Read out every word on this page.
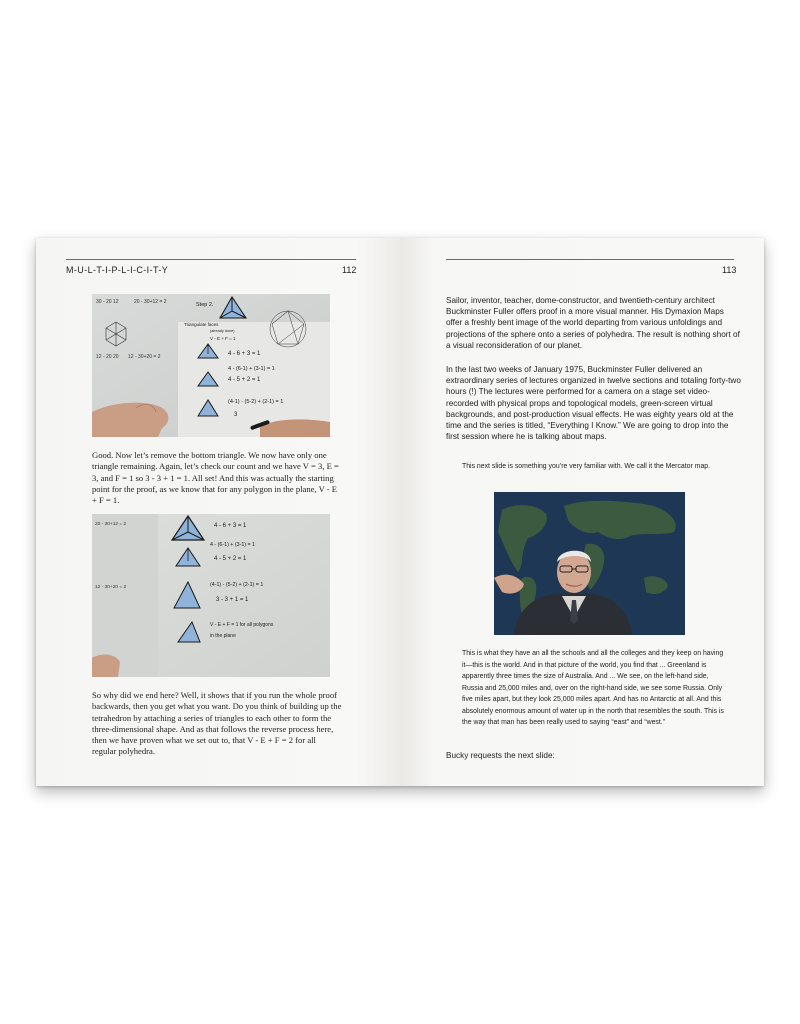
M-U-L-T-I-P-L-I-C-I-T-Y	112
30 - 20 12	20 - 30+12 = 2
12 - 20 20 12 - 30+20 = 2
Step 2.
Triangulate faces
(already done)
V - E + F = 1
4 - 6 + 3 = 1
4 - (6-1) + (3-1) = 1
4 - 5 + 2 = 1
(4-1) - (5-2) + (2-1) = 1
3
Good. Now let’s remove the bottom triangle. We now have only one triangle remaining. Again, let’s check our count and we have V = 3, E = 3, and F = 1 so 3 - 3 + 1 = 1. All set! And this was actually the starting point for the proof, as we know that for any polygon in the plane, V - E + F = 1.
20 - 30+12 = 2
12 - 30+20 = 2
4 - 6 + 3 = 1
4 - (6-1) + (3-1) = 1
4 - 5 + 2 = 1
(4-1) - (5-2) + (2-1) = 1
3 - 3 + 1 = 1
V - E + F = 1 for all polygons
in the plane
So why did we end here? Well, it shows that if you run the whole proof backwards, then you get what you want. Do you think of building up the tetrahedron by attaching a series of triangles to each other to form the three-dimensional shape. And as that follows the reverse process here, then we have proven what we set out to, that V - E + F = 2 for all regular polyhedra.
113
Sailor, inventor, teacher, dome-constructor, and twentieth-century architect Buckminster Fuller offers proof in a more visual manner. His Dymaxion Maps offer a freshly bent image of the world departing from various unfoldings and projections of the sphere onto a series of polyhedra. The result is nothing short of a visual reconsideration of our planet.
In the last two weeks of January 1975, Buckminster Fuller delivered an extraordinary series of lectures organized in twelve sections and totaling forty-two hours (!) The lectures were performed for a camera on a stage set video-recorded with physical props and topological models, green-screen virtual backgrounds, and post-production visual effects. He was eighty years old at the time and the series is titled, “Everything I Know.” We are going to drop into the first session where he is talking about maps.
This next slide is something you’re very familiar with. We call it the Mercator map.
This is what they have an all the schools and all the colleges and they keep on having it—this is the world. And in that picture of the world, you find that ... Greenland is apparently three times the size of Australia. And ... We see, on the left-hand side, Russia and 25,000 miles and, over on the right-hand side, we see some Russia. Only five miles apart, but they look 25,000 miles apart. And has no Antarctic at all. And this absolutely enormous amount of water up in the north that resembles the south. This is the way that man has been really used to saying “east” and “west.”
Bucky requests the next slide:
